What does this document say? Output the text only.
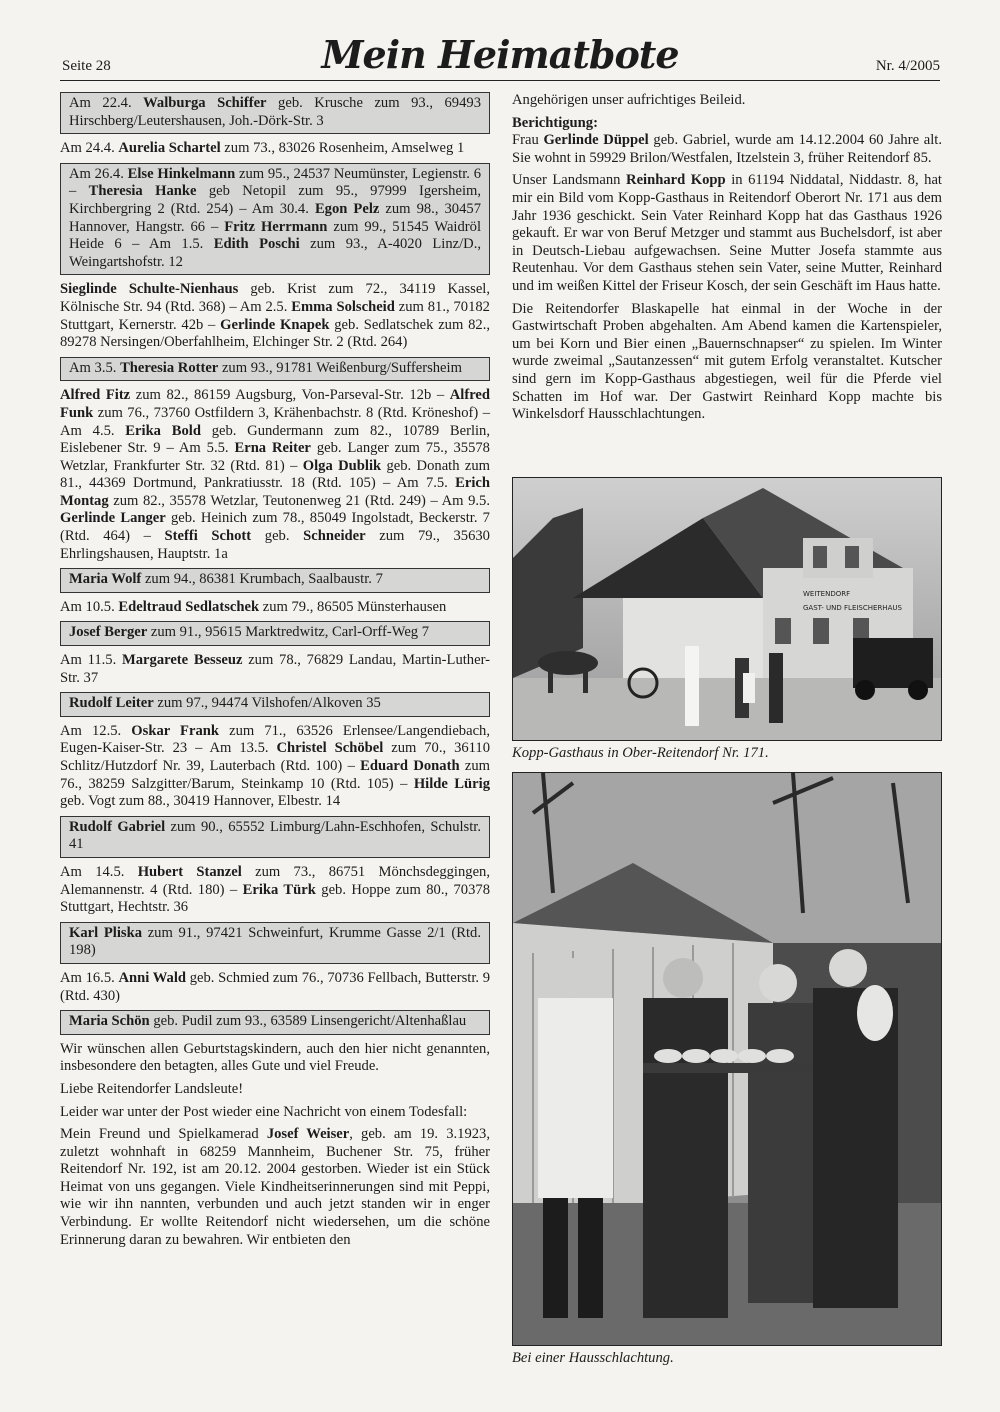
Seite 28	Mein Heimatbote	Nr. 4/2005
Am 22.4. Walburga Schiffer geb. Krusche zum 93., 69493 Hirschberg/Leutershausen, Joh.-Dörk-Str. 3
Am 24.4. Aurelia Schartel zum 73., 83026 Rosenheim, Amselweg 1
Am 26.4. Else Hinkelmann zum 95., 24537 Neumünster, Legienstr. 6 – Theresia Hanke geb Netopil zum 95., 97999 Igersheim, Kirchbergring 2 (Rtd. 254) – Am 30.4. Egon Pelz zum 98., 30457 Hannover, Hangstr. 66 – Fritz Herrmann zum 99., 51545 Waidröl Heide 6 – Am 1.5. Edith Poschi zum 93., A-4020 Linz/D., Weingartshofstr. 12
Sieglinde Schulte-Nienhaus geb. Krist zum 72., 34119 Kassel, Kölnische Str. 94 (Rtd. 368) – Am 2.5. Emma Solscheid zum 81., 70182 Stuttgart, Kernerstr. 42b – Gerlinde Knapek geb. Sedlatschek zum 82., 89278 Nersingen/Oberfahlheim, Elchinger Str. 2 (Rtd. 264)
Am 3.5. Theresia Rotter zum 93., 91781 Weißenburg/Suffersheim
Alfred Fitz zum 82., 86159 Augsburg, Von-Parseval-Str. 12b – Alfred Funk zum 76., 73760 Ostfildern 3, Krähenbachstr. 8 (Rtd. Kröneshof) – Am 4.5. Erika Bold geb. Gundermann zum 82., 10789 Berlin, Eislebener Str. 9 – Am 5.5. Erna Reiter geb. Langer zum 75., 35578 Wetzlar, Frankfurter Str. 32 (Rtd. 81) – Olga Dublik geb. Donath zum 81., 44369 Dortmund, Pankratiusstr. 18 (Rtd. 105) – Am 7.5. Erich Montag zum 82., 35578 Wetzlar, Teutonenweg 21 (Rtd. 249) – Am 9.5. Gerlinde Langer geb. Heinich zum 78., 85049 Ingolstadt, Beckerstr. 7 (Rtd. 464) – Steffi Schott geb. Schneider zum 79., 35630 Ehrlingshausen, Hauptstr. 1a
Maria Wolf zum 94., 86381 Krumbach, Saalbaustr. 7
Am 10.5. Edeltraud Sedlatschek zum 79., 86505 Münsterhausen
Josef Berger zum 91., 95615 Marktredwitz, Carl-Orff-Weg 7
Am 11.5. Margarete Besseuz zum 78., 76829 Landau, Martin-Luther-Str. 37
Rudolf Leiter zum 97., 94474 Vilshofen/Alkoven 35
Am 12.5. Oskar Frank zum 71., 63526 Erlensee/Langendiebach, Eugen-Kaiser-Str. 23 – Am 13.5. Christel Schöbel zum 70., 36110 Schlitz/Hutzdorf Nr. 39, Lauterbach (Rtd. 100) – Eduard Donath zum 76., 38259 Salzgitter/Barum, Steinkamp 10 (Rtd. 105) – Hilde Lürig geb. Vogt zum 88., 30419 Hannover, Elbestr. 14
Rudolf Gabriel zum 90., 65552 Limburg/Lahn-Eschhofen, Schulstr. 41
Am 14.5. Hubert Stanzel zum 73., 86751 Mönchsdeggingen, Alemannenstr. 4 (Rtd. 180) – Erika Türk geb. Hoppe zum 80., 70378 Stuttgart, Hechtstr. 36
Karl Pliska zum 91., 97421 Schweinfurt, Krumme Gasse 2/1 (Rtd. 198)
Am 16.5. Anni Wald geb. Schmied zum 76., 70736 Fellbach, Butterstr. 9 (Rtd. 430)
Maria Schön geb. Pudil zum 93., 63589 Linsengericht/Altenhaßlau
Wir wünschen allen Geburtstagskindern, auch den hier nicht genannten, insbesondere den betagten, alles Gute und viel Freude.
Liebe Reitendorfer Landsleute!
Leider war unter der Post wieder eine Nachricht von einem Todesfall:
Mein Freund und Spielkamerad Josef Weiser, geb. am 19. 3.1923, zuletzt wohnhaft in 68259 Mannheim, Buchener Str. 75, früher Reitendorf Nr. 192, ist am 20.12. 2004 gestorben. Wieder ist ein Stück Heimat von uns gegangen. Viele Kindheitserinnerungen sind mit Peppi, wie wir ihn nannten, verbunden und auch jetzt standen wir in enger Verbindung. Er wollte Reitendorf nicht wiedersehen, um die schöne Erinnerung daran zu bewahren. Wir entbieten den
Angehörigen unser aufrichtiges Beileid.
Berichtigung:
Frau Gerlinde Düppel geb. Gabriel, wurde am 14.12.2004 60 Jahre alt. Sie wohnt in 59929 Brilon/Westfalen, Itzelstein 3, früher Reitendorf 85.
Unser Landsmann Reinhard Kopp in 61194 Niddatal, Niddastr. 8, hat mir ein Bild vom Kopp-Gasthaus in Reitendorf Oberort Nr. 171 aus dem Jahr 1936 geschickt. Sein Vater Reinhard Kopp hat das Gasthaus 1926 gekauft. Er war von Beruf Metzger und stammt aus Buchelsdorf, ist aber in Deutsch-Liebau aufgewachsen. Seine Mutter Josefa stammte aus Reutenhau. Vor dem Gasthaus stehen sein Vater, seine Mutter, Reinhard und im weißen Kittel der Friseur Kosch, der sein Geschäft im Haus hatte.
Die Reitendorfer Blaskapelle hat einmal in der Woche in der Gastwirtschaft Proben abgehalten. Am Abend kamen die Kartenspieler, um bei Korn und Bier einen „Bauernschnapser“ zu spielen. Im Winter wurde zweimal „Sautanzessen“ mit gutem Erfolg veranstaltet. Kutscher sind gern im Kopp-Gasthaus abgestiegen, weil für die Pferde viel Schatten im Hof war. Der Gastwirt Reinhard Kopp machte bis Winkelsdorf Hausschlachtungen.
WEITENDORF
GAST- UND FLEISCHERHAUS
Kopp-Gasthaus in Ober-Reitendorf Nr. 171.
Bei einer Hausschlachtung.
